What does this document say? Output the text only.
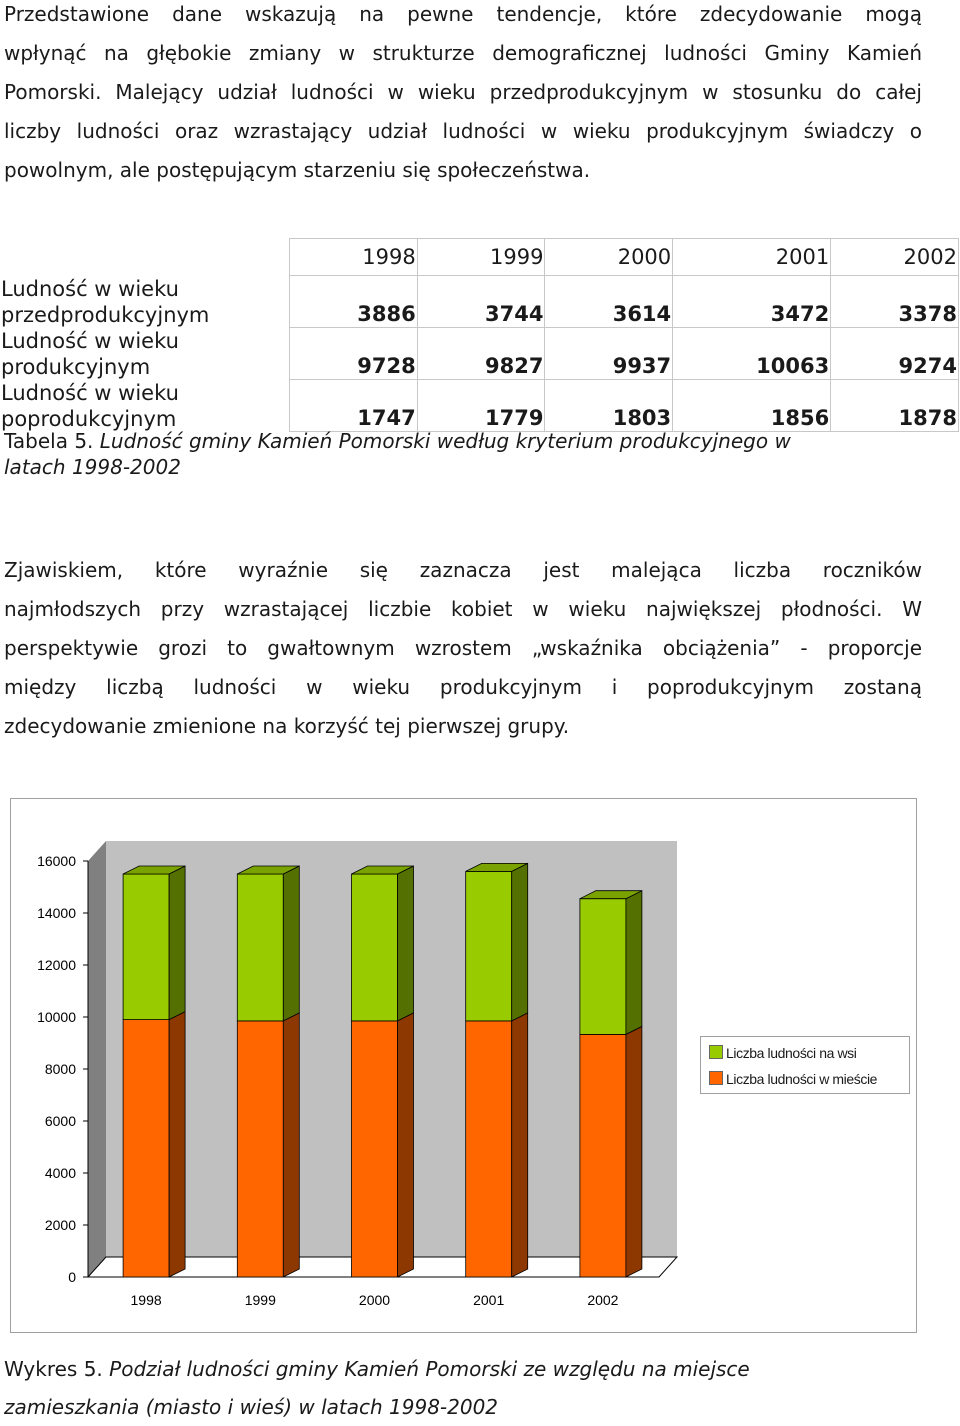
Przedstawione dane wskazują na pewne tendencje, które zdecydowanie mogą
wpłynąć na głębokie zmiany w strukturze demograficznej ludności Gminy Kamień
Pomorski. Malejący udział ludności w wieku przedprodukcyjnym w stosunku do całej
liczby ludności oraz wzrastający udział ludności w wieku produkcyjnym świadczy o
powolnym, ale postępującym starzeniu się społeczeństwa.
	1998	1999	2000	2001	2002

Ludność w wieku
przedprodukcyjnym	3886	3744	3614	3472	3378

Ludność w wieku
produkcyjnym	9728	9827	9937	10063	9274

Ludność w wieku
poprodukcyjnym	1747	1779	1803	1856	1878
Tabela 5. Ludność gminy Kamień Pomorski według kryterium produkcyjnego w
latach 1998-2002
Zjawiskiem, które wyraźnie się zaznacza jest malejąca liczba roczników
najmłodszych przy wzrastającej liczbie kobiet w wieku największej płodności. W
perspektywie grozi to gwałtownym wzrostem „wskaźnika obciążenia” - proporcje
między liczbą ludności w wieku produkcyjnym i poprodukcyjnym zostaną
zdecydowanie zmienione na korzyść tej pierwszej grupy.
0
2000
4000
6000
8000
10000
12000
14000
16000
1998	1999	2000	2001	2002
Liczba ludności na wsi
Liczba ludności w mieście
Wykres 5. Podział ludności gminy Kamień Pomorski ze względu na miejsce
zamieszkania (miasto i wieś) w latach 1998-2002
